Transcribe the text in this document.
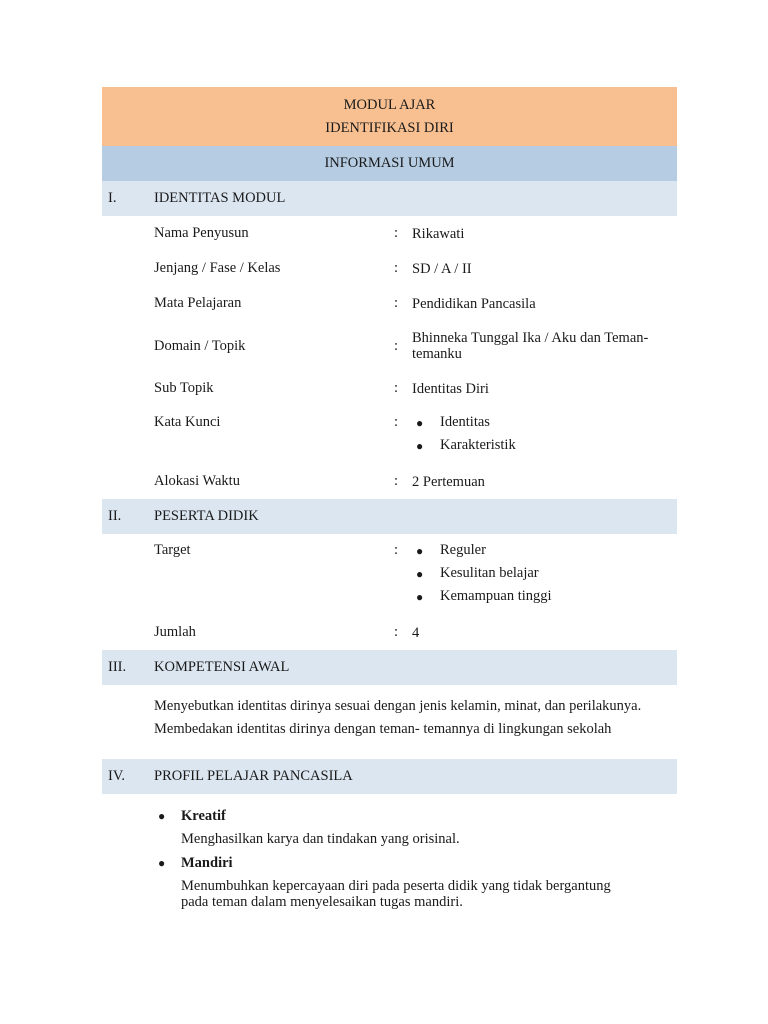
MODUL AJAR
IDENTIFIKASI DIRI
INFORMASI UMUM
I.	IDENTITAS MODUL
Nama Penyusun	: Rikawati
Jenjang / Fase / Kelas	: SD / A / II
Mata Pelajaran	: Pendidikan Pancasila
Domain / Topik	: Bhinneka Tunggal Ika / Aku dan Teman-temanku
Sub Topik	: Identitas Diri
Kata Kunci	:	●	Identitas
●	Karakteristik
Alokasi Waktu	: 2 Pertemuan
II.	PESERTA DIDIK
Target	:	●	Reguler
●	Kesulitan belajar
●	Kemampuan tinggi
Jumlah	: 4
III.	KOMPETENSI AWAL
Menyebutkan identitas dirinya sesuai dengan jenis kelamin, minat, dan perilakunya.
Membedakan identitas dirinya dengan teman- temannya di lingkungan sekolah
IV.	PROFIL PELAJAR PANCASILA
●	Kreatif
Menghasilkan karya dan tindakan yang orisinal.
●	Mandiri
Menumbuhkan kepercayaan diri pada peserta didik yang tidak bergantung pada teman dalam menyelesaikan tugas mandiri.
